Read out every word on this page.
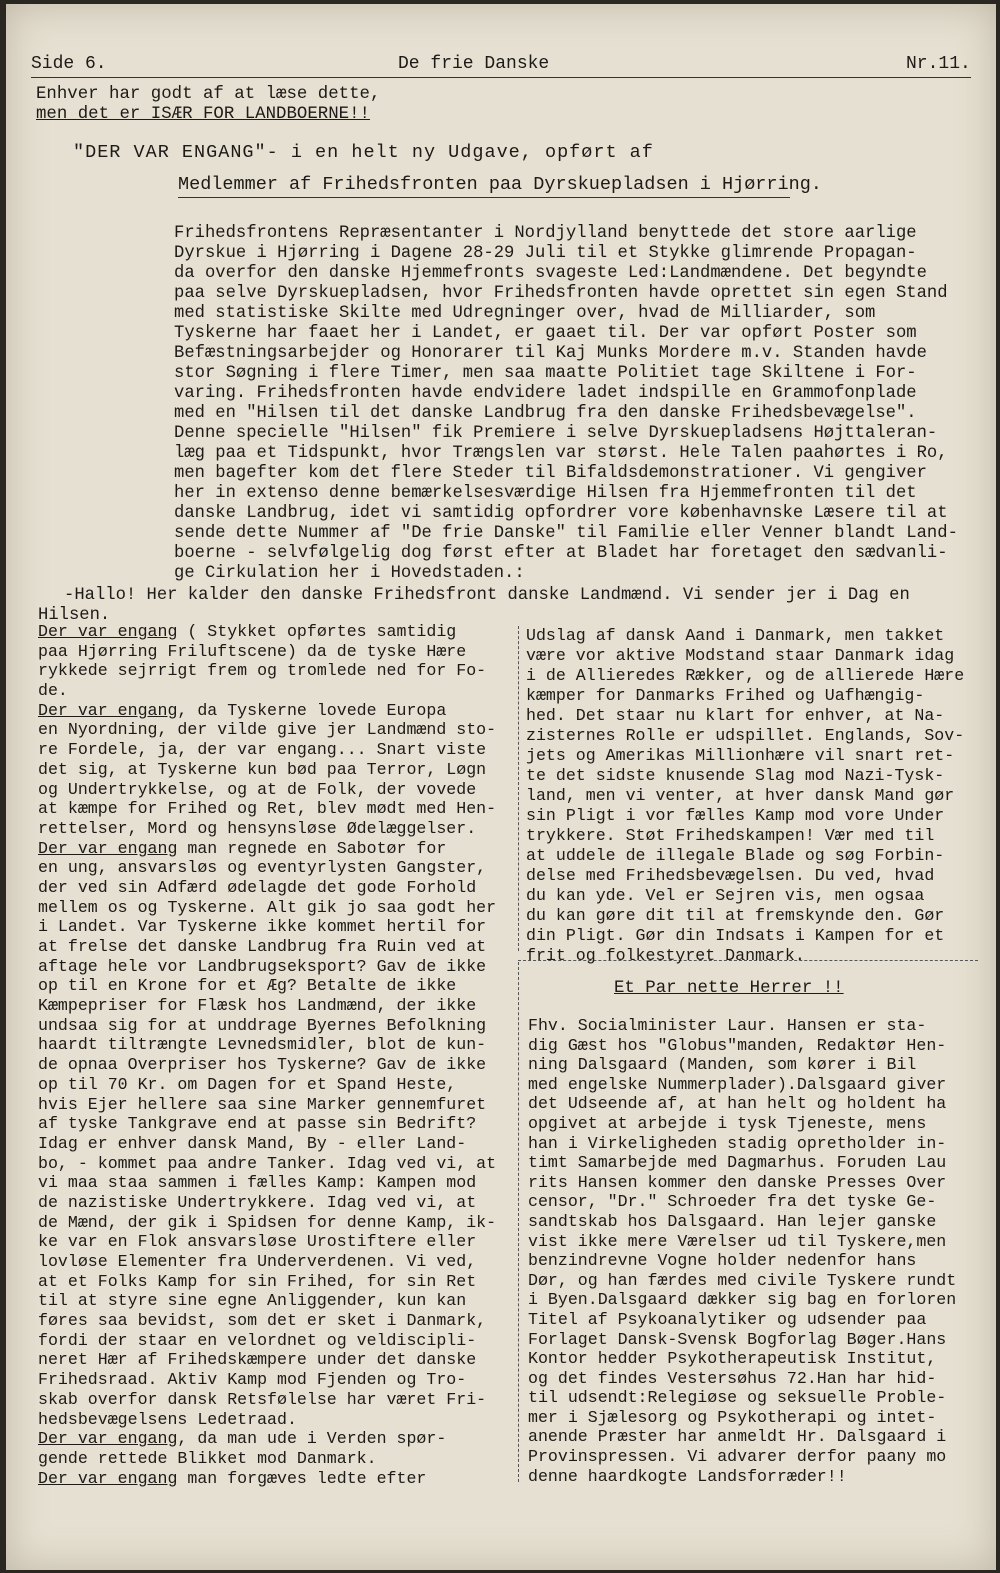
Side 6.	De frie Danske	Nr.11.
Enhver har godt af at læse dette,
men det er ISÆR FOR LANDBOERNE!!
"DER VAR ENGANG"- i en helt ny Udgave, opført af
Medlemmer af Frihedsfronten paa Dyrskuepladsen i Hjørring.
Frihedsfrontens Repræsentanter i Nordjylland benyttede det store aarlige
Dyrskue i Hjørring i Dagene 28-29 Juli til et Stykke glimrende Propagan-
da overfor den danske Hjemmefronts svageste Led:Landmændene. Det begyndte
paa selve Dyrskuepladsen, hvor Frihedsfronten havde oprettet sin egen Stand
med statistiske Skilte med Udregninger over, hvad de Milliarder, som
Tyskerne har faaet her i Landet, er gaaet til. Der var opført Poster som
Befæstningsarbejder og Honorarer til Kaj Munks Mordere m.v. Standen havde
stor Søgning i flere Timer, men saa maatte Politiet tage Skiltene i For-
varing. Frihedsfronten havde endvidere ladet indspille en Grammofonplade
med en "Hilsen til det danske Landbrug fra den danske Frihedsbevægelse".
Denne specielle "Hilsen" fik Premiere i selve Dyrskuepladsens Højttaleran-
læg paa et Tidspunkt, hvor Trængslen var størst. Hele Talen paahørtes i Ro,
men bagefter kom det flere Steder til Bifaldsdemonstrationer. Vi gengiver
her in extenso denne bemærkelsesværdige Hilsen fra Hjemmefronten til det
danske Landbrug, idet vi samtidig opfordrer vore københavnske Læsere til at
sende dette Nummer af "De frie Danske" til Familie eller Venner blandt Land-
boerne - selvfølgelig dog først efter at Bladet har foretaget den sædvanli-
ge Cirkulation her i Hovedstaden.:
-Hallo! Her kalder den danske Frihedsfront danske Landmænd. Vi sender jer i Dag en
Hilsen.
Der var engang ( Stykket opførtes samtidig
paa Hjørring Friluftscene) da de tyske Hære
rykkede sejrrigt frem og tromlede ned for Fo-
de.
Der var engang, da Tyskerne lovede Europa
en Nyordning, der vilde give jer Landmænd sto-
re Fordele, ja, der var engang... Snart viste
det sig, at Tyskerne kun bød paa Terror, Løgn
og Undertrykkelse, og at de Folk, der vovede
at kæmpe for Frihed og Ret, blev mødt med Hen-
rettelser, Mord og hensynsløse Ødelæggelser.
Der var engang man regnede en Sabotør for
en ung, ansvarsløs og eventyrlysten Gangster,
der ved sin Adfærd ødelagde det gode Forhold
mellem os og Tyskerne. Alt gik jo saa godt her
i Landet. Var Tyskerne ikke kommet hertil for
at frelse det danske Landbrug fra Ruin ved at
aftage hele vor Landbrugseksport? Gav de ikke
op til en Krone for et Æg? Betalte de ikke
Kæmpepriser for Flæsk hos Landmænd, der ikke
undsaa sig for at unddrage Byernes Befolkning
haardt tiltrængte Levnedsmidler, blot de kun-
de opnaa Overpriser hos Tyskerne? Gav de ikke
op til 70 Kr. om Dagen for et Spand Heste,
hvis Ejer hellere saa sine Marker gennemfuret
af tyske Tankgrave end at passe sin Bedrift?
Idag er enhver dansk Mand, By - eller Land-
bo, - kommet paa andre Tanker. Idag ved vi, at
vi maa staa sammen i fælles Kamp: Kampen mod
de nazistiske Undertrykkere. Idag ved vi, at
de Mænd, der gik i Spidsen for denne Kamp, ik-
ke var en Flok ansvarsløse Urostiftere eller
lovløse Elementer fra Underverdenen. Vi ved,
at et Folks Kamp for sin Frihed, for sin Ret
til at styre sine egne Anliggender, kun kan
føres saa bevidst, som det er sket i Danmark,
fordi der staar en velordnet og veldiscipli-
neret Hær af Frihedskæmpere under det danske
Frihedsraad. Aktiv Kamp mod Fjenden og Tro-
skab overfor dansk Retsfølelse har været Fri-
hedsbevægelsens Ledetraad.
Der var engang, da man ude i Verden spør-
gende rettede Blikket mod Danmark.
Der var engang man forgæves ledte efter
Udslag af dansk Aand i Danmark, men takket
være vor aktive Modstand staar Danmark idag
i de Allieredes Rækker, og de allierede Hære
kæmper for Danmarks Frihed og Uafhængig-
hed. Det staar nu klart for enhver, at Na-
zisternes Rolle er udspillet. Englands, Sov-
jets og Amerikas Millionhære vil snart ret-
te det sidste knusende Slag mod Nazi-Tysk-
land, men vi venter, at hver dansk Mand gør
sin Pligt i vor fælles Kamp mod vore Under
trykkere. Støt Frihedskampen! Vær med til
at uddele de illegale Blade og søg Forbin-
delse med Frihedsbevægelsen. Du ved, hvad
du kan yde. Vel er Sejren vis, men ogsaa
du kan gøre dit til at fremskynde den. Gør
din Pligt. Gør din Indsats i Kampen for et
frit og folkestyret Danmark.
Et Par nette Herrer !!
Fhv. Socialminister Laur. Hansen er sta-
dig Gæst hos "Globus"manden, Redaktør Hen-
ning Dalsgaard (Manden, som kører i Bil
med engelske Nummerplader).Dalsgaard giver
det Udseende af, at han helt og holdent ha
opgivet at arbejde i tysk Tjeneste, mens
han i Virkeligheden stadig opretholder in-
timt Samarbejde med Dagmarhus. Foruden Lau
rits Hansen kommer den danske Presses Over
censor, "Dr." Schroeder fra det tyske Ge-
sandtskab hos Dalsgaard. Han lejer ganske
vist ikke mere Værelser ud til Tyskere,men
benzindrevne Vogne holder nedenfor hans
Dør, og han færdes med civile Tyskere rundt
i Byen.Dalsgaard dækker sig bag en forloren
Titel af Psykoanalytiker og udsender paa
Forlaget Dansk-Svensk Bogforlag Bøger.Hans
Kontor hedder Psykotherapeutisk Institut,
og det findes Vestersøhus 72.Han har hid-
til udsendt:Relegiøse og seksuelle Proble-
mer i Sjælesorg og Psykotherapi og intet-
anende Præster har anmeldt Hr. Dalsgaard i
Provinspressen. Vi advarer derfor paany mo
denne haardkogte Landsforræder!!
